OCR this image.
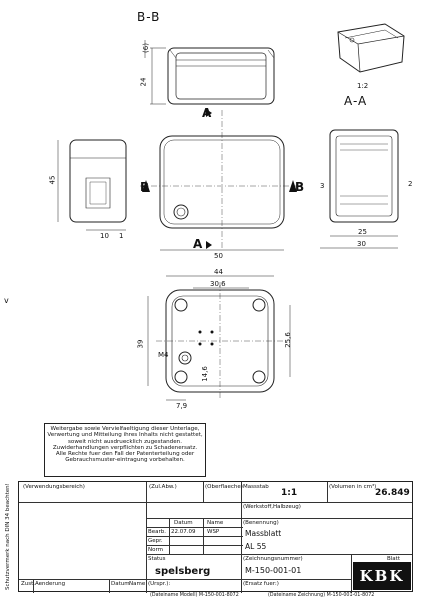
B-B
A-A
1:2
A
A
B	B
(6)
24
45
10 1
50
3	2
25
30
44
30,6
39	25,6
14,6
M4
7,9
v
Weitergabe sowie Vervielfaeltigung dieser Unterlage, Verwertung und Mitteilung ihres Inhalts nicht gestattet, soweit nicht ausdruecklich zugestanden. Zuwiderhandlungen verpflichten zu Schadenersatz. Alle Rechte fuer den Fall der Patenterteilung oder Gebrauchsmuster-eintragung vorbehalten.
Schutzvermerk nach DIN 34 beachten! (Verwendungsbereich)	(Zul.Abw.)	(Oberflaeche) Massstab
1:1
(Volumen in cm³)
26.849
(Werkstoff,Halbzeug)
Datum	Name
Bearb. 22.07.09 WSP
Gepr.
Norm
Status
(Benennung)
Massblatt
AL 55
(Zeichnungsnummer)
M-150-001-01
(Ersatz fuer:)
(Urspr.):
spelsberg
Zust. Aenderung	Datum Name
Blatt
KBK
(Dateiname Modell) M-150-001-8072	(Dateiname Zeichnung) M-150-001-01-8072
